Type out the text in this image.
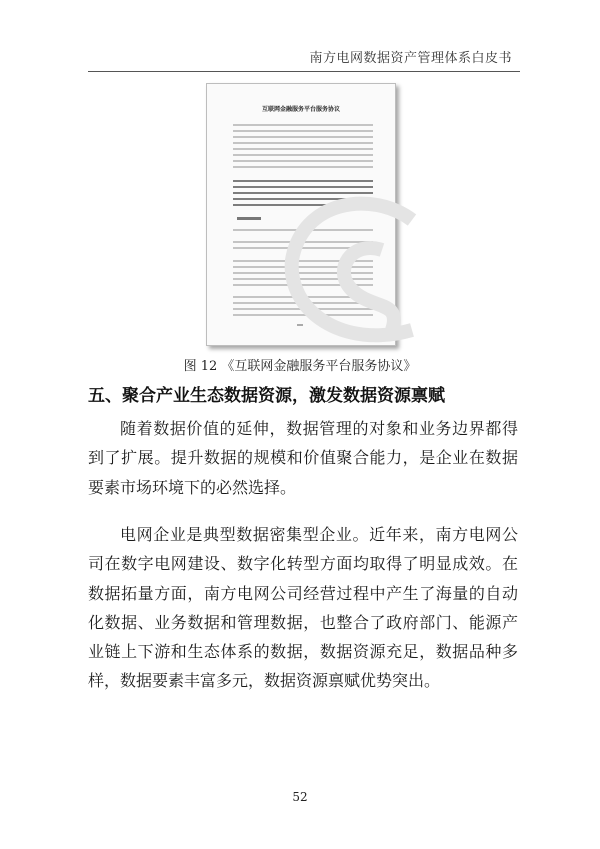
南方电网数据资产管理体系白皮书
互联网金融服务平台服务协议
图 12 《互联网金融服务平台服务协议》
五、聚合产业生态数据资源，激发数据资源禀赋

随着数据价值的延伸，数据管理的对象和业务边界都得到了扩展。提升数据的规模和价值聚合能力，是企业在数据要素市场环境下的必然选择。

电网企业是典型数据密集型企业。近年来，南方电网公司在数字电网建设、数字化转型方面均取得了明显成效。在数据拓量方面，南方电网公司经营过程中产生了海量的自动化数据、业务数据和管理数据，也整合了政府部门、能源产业链上下游和生态体系的数据，数据资源充足，数据品种多样，数据要素丰富多元，数据资源禀赋优势突出。

52
